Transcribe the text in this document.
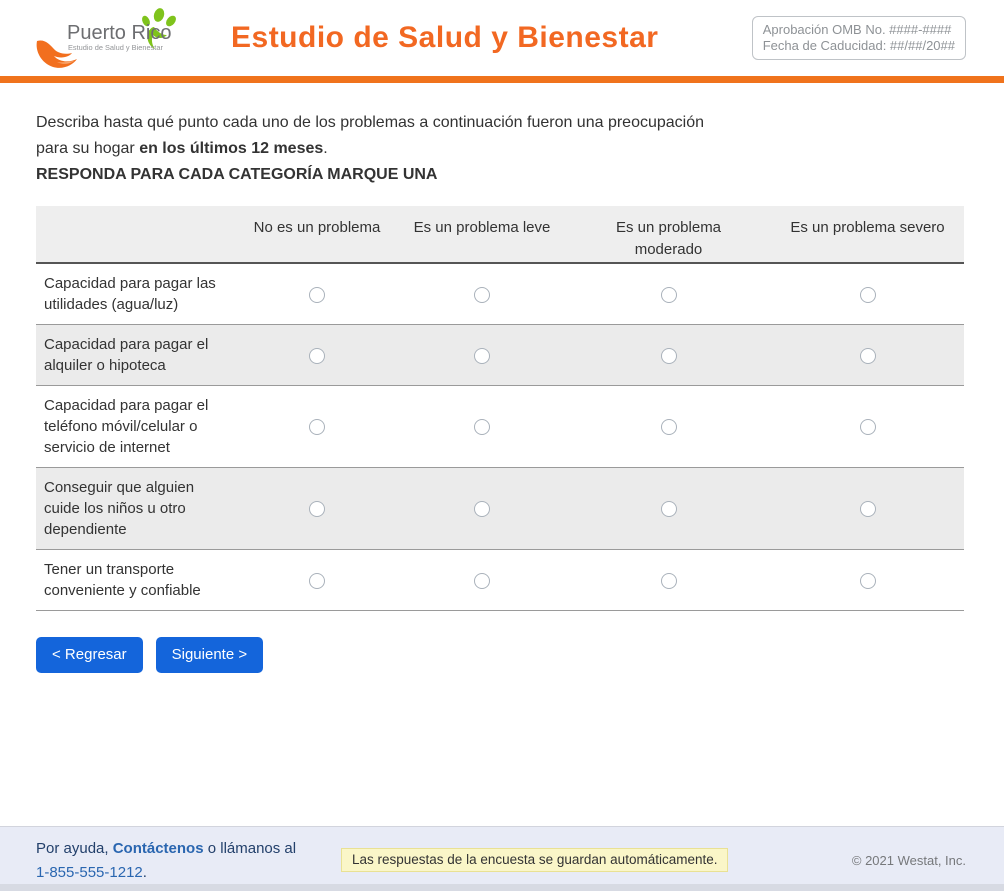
Puerto Rico
Estudio de Salud y Bienestar Estudio de Salud y Bienestar	Aprobación OMB No. ####-####
Fecha de Caducidad: ##/##/20##

Describa hasta qué punto cada uno de los problemas a continuación fueron una preocupación para su hogar en los últimos 12 meses.

RESPONDA PARA CADA CATEGORÍA MARQUE UNA

	No es un problema	Es un problema leve	Es un problema moderado	Es un problema severo
Capacidad para pagar las utilidades (agua/luz)				
Capacidad para pagar el alquiler o hipoteca				
Capacidad para pagar el teléfono móvil/celular o servicio de internet				
Conseguir que alguien cuide los niños u otro dependiente				
Tener un transporte conveniente y confiable				
< Regresar	Siguiente >
Por ayuda, Contáctenos o llámanos al
1-855-555-1212.
Las respuestas de la encuesta se guardan automáticamente.	© 2021 Westat, Inc.
